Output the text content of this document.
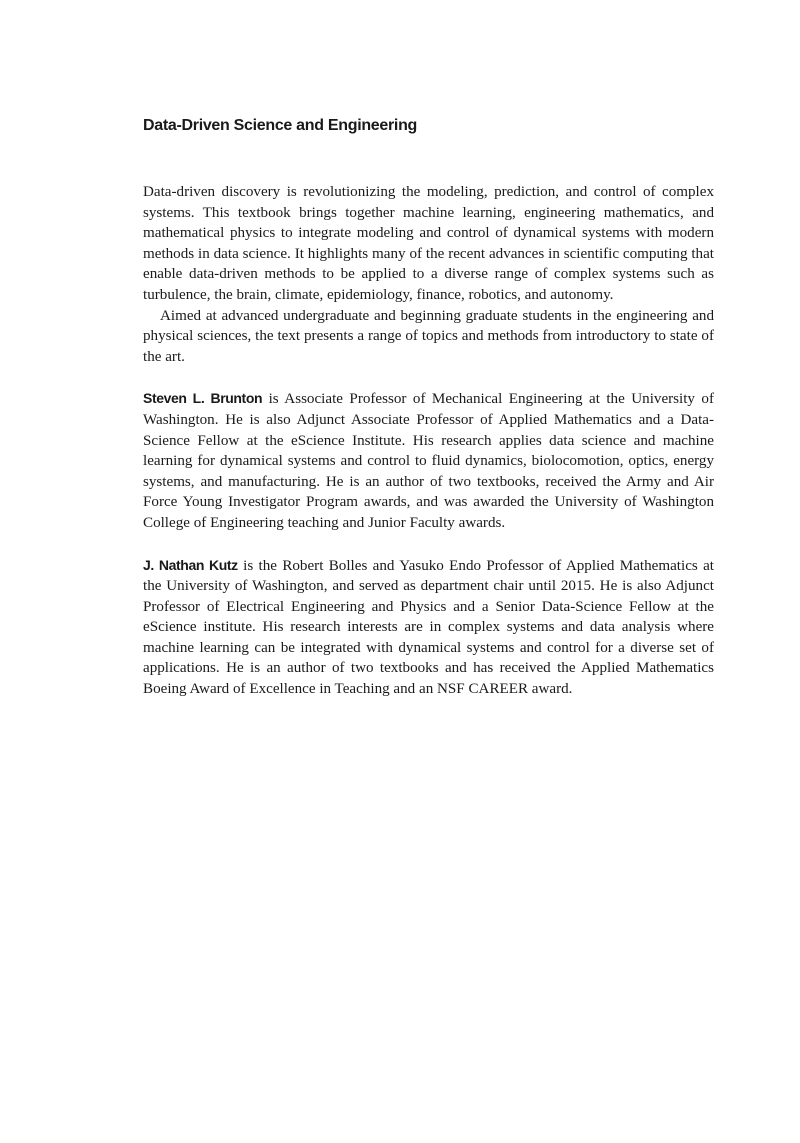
Data-Driven Science and Engineering

Data-driven discovery is revolutionizing the modeling, prediction, and control of complex systems. This textbook brings together machine learning, engineering mathematics, and mathematical physics to integrate modeling and control of dynamical systems with modern methods in data science. It highlights many of the recent advances in scientific computing that enable data-driven methods to be applied to a diverse range of complex systems such as turbulence, the brain, climate, epidemiology, finance, robotics, and autonomy.

Aimed at advanced undergraduate and beginning graduate students in the engineering and physical sciences, the text presents a range of topics and methods from introductory to state of the art.

Steven L. Brunton is Associate Professor of Mechanical Engineering at the University of Washington. He is also Adjunct Associate Professor of Applied Mathematics and a Data-Science Fellow at the eScience Institute. His research applies data science and machine learning for dynamical systems and control to fluid dynamics, biolocomotion, optics, energy systems, and manufacturing. He is an author of two textbooks, received the Army and Air Force Young Investigator Program awards, and was awarded the University of Washington College of Engineering teaching and Junior Faculty awards.

J. Nathan Kutz is the Robert Bolles and Yasuko Endo Professor of Applied Mathematics at the University of Washington, and served as department chair until 2015. He is also Adjunct Professor of Electrical Engineering and Physics and a Senior Data-Science Fellow at the eScience institute. His research interests are in complex systems and data analysis where machine learning can be integrated with dynamical systems and control for a diverse set of applications. He is an author of two textbooks and has received the Applied Mathematics Boeing Award of Excellence in Teaching and an NSF CAREER award.
